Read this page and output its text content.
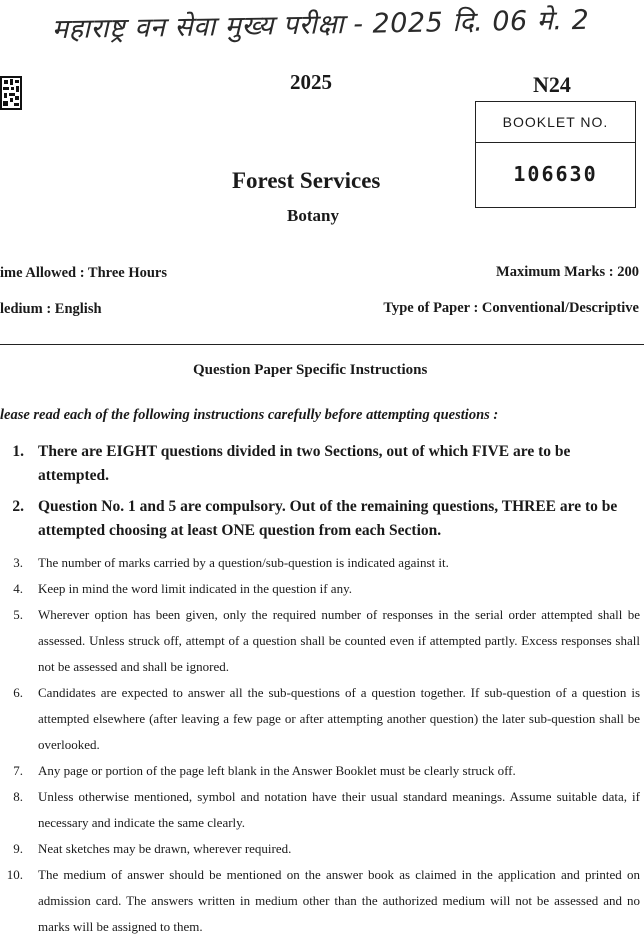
महाराष्ट्र वन सेवा मुख्य परीक्षा - 2025 दि. 06 मे. 2
2025	N24
BOOKLET NO.
106630
Forest Services
Botany
ime Allowed : Three Hours	Maximum Marks : 200
ledium : English	Type of Paper : Conventional/Descriptive
Question Paper Specific Instructions
lease read each of the following instructions carefully before attempting questions :
1. There are EIGHT questions divided in two Sections, out of which FIVE are to be attempted.
2. Question No. 1 and 5 are compulsory. Out of the remaining questions, THREE are to be attempted choosing at least ONE question from each Section.
3.	The number of marks carried by a question/sub-question is indicated against it.
4.	Keep in mind the word limit indicated in the question if any.
5.	Wherever option has been given, only the required number of responses in the serial order attempted shall be assessed. Unless struck off, attempt of a question shall be counted even if attempted partly. Excess responses shall not be assessed and shall be ignored.
6.	Candidates are expected to answer all the sub-questions of a question together. If sub-question of a question is attempted elsewhere (after leaving a few page or after attempting another question) the later sub-question shall be overlooked.
7.	Any page or portion of the page left blank in the Answer Booklet must be clearly struck off.
8.	Unless otherwise mentioned, symbol and notation have their usual standard meanings. Assume suitable data, if necessary and indicate the same clearly.
9.	Neat sketches may be drawn, wherever required.
10.	The medium of answer should be mentioned on the answer book as claimed in the application and printed on admission card. The answers written in medium other than the authorized medium will not be assessed and no marks will be assigned to them.
